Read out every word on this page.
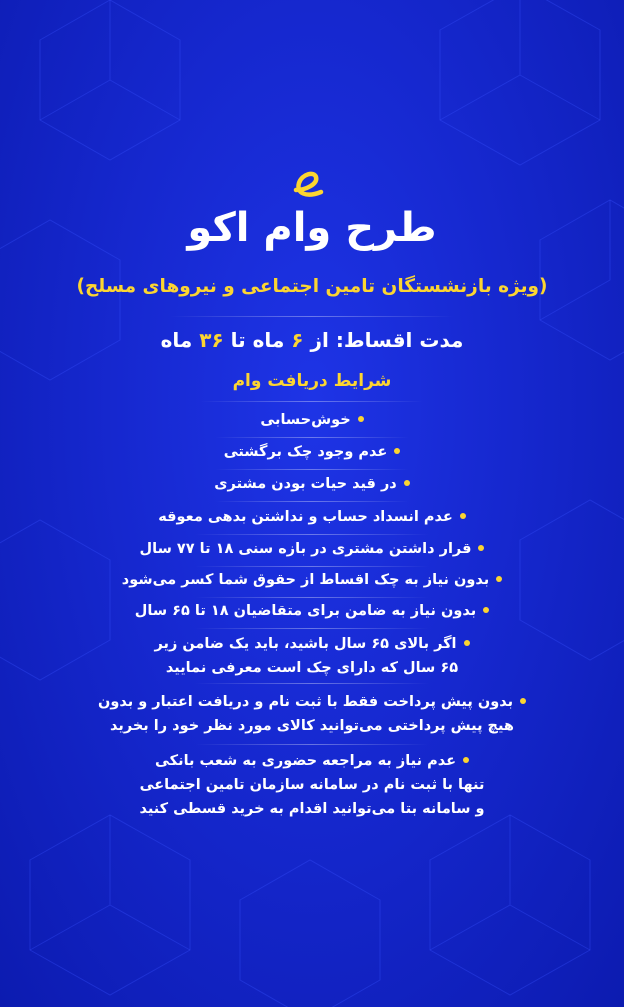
طرح وام اکو
(ویژه بازنشستگان تامین اجتماعی و نیروهای مسلح)
مدت اقساط: از ۶ ماه تا ۳۶ ماه
شرایط دریافت وام
خوش‌حسابی
عدم وجود چک برگشتی
در قید حیات بودن مشتری
عدم انسداد حساب و نداشتن بدهی معوقه
قرار داشتن مشتری در بازه سنی ۱۸ تا ۷۷ سال
بدون نیاز به چک اقساط از حقوق شما کسر می‌شود
بدون نیاز به ضامن برای متقاضیان ۱۸ تا ۶۵ سال
اگر بالای ۶۵ سال باشید، باید یک ضامن زیر
۶۵ سال که دارای چک است معرفی نمایید
بدون پیش پرداخت فقط با ثبت نام و دریافت اعتبار و بدون
هیچ پیش پرداختی می‌توانید کالای مورد نظر خود را بخرید
عدم نیاز به مراجعه حضوری به شعب بانکی
تنها با ثبت نام در سامانه سازمان تامین اجتماعی
و سامانه بتا می‌توانید اقدام به خرید قسطی کنید
